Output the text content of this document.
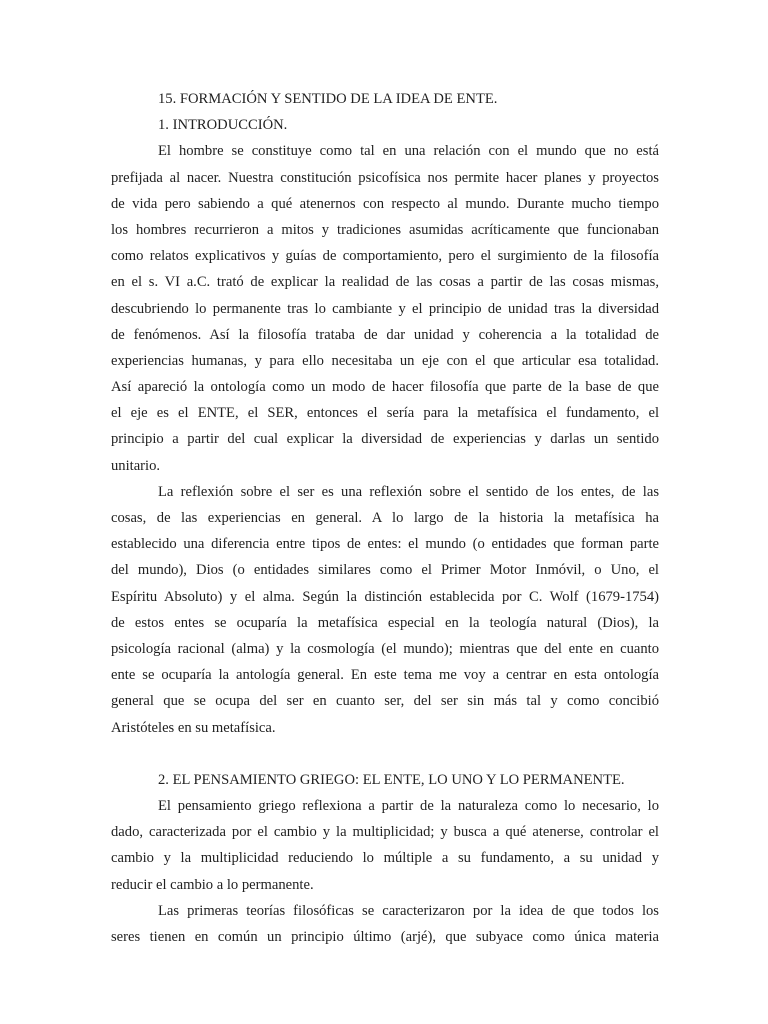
15. FORMACIÓN Y SENTIDO DE LA IDEA DE ENTE.
1. INTRODUCCIÓN.
El hombre se constituye como tal en una relación con el mundo que no está
prefijada al nacer. Nuestra constitución psicofísica nos permite hacer planes y proyectos
de vida pero sabiendo a qué atenernos con respecto al mundo. Durante mucho tiempo
los hombres recurrieron a mitos y tradiciones asumidas acríticamente que funcionaban
como relatos explicativos y guías de comportamiento, pero el surgimiento de la filosofía
en el s. VI a.C. trató de explicar la realidad de las cosas a partir de las cosas mismas,
descubriendo lo permanente tras lo cambiante y el principio de unidad tras la diversidad
de fenómenos. Así la filosofía trataba de dar unidad y coherencia a la totalidad de
experiencias humanas, y para ello necesitaba un eje con el que articular esa totalidad.
Así apareció la ontología como un modo de hacer filosofía que parte de la base de que
el eje es el ENTE, el SER, entonces el sería para la metafísica el fundamento, el
principio a partir del cual explicar la diversidad de experiencias y darlas un sentido
unitario.
La reflexión sobre el ser es una reflexión sobre el sentido de los entes, de las
cosas, de las experiencias en general. A lo largo de la historia la metafísica ha
establecido una diferencia entre tipos de entes: el mundo (o entidades que forman parte
del mundo), Dios (o entidades similares como el Primer Motor Inmóvil, o Uno, el
Espíritu Absoluto) y el alma. Según la distinción establecida por C. Wolf (1679-1754)
de estos entes se ocuparía la metafísica especial en la teología natural (Dios), la
psicología racional (alma) y la cosmología (el mundo); mientras que del ente en cuanto
ente se ocuparía la antología general. En este tema me voy a centrar en esta ontología
general que se ocupa del ser en cuanto ser, del ser sin más tal y como concibió
Aristóteles en su metafísica.
2. EL PENSAMIENTO GRIEGO: EL ENTE, LO UNO Y LO PERMANENTE.
El pensamiento griego reflexiona a partir de la naturaleza como lo necesario, lo
dado, caracterizada por el cambio y la multiplicidad; y busca a qué atenerse, controlar el
cambio y la multiplicidad reduciendo lo múltiple a su fundamento, a su unidad y
reducir el cambio a lo permanente.
Las primeras teorías filosóficas se caracterizaron por la idea de que todos los
seres tienen en común un principio último (arjé), que subyace como única materia
